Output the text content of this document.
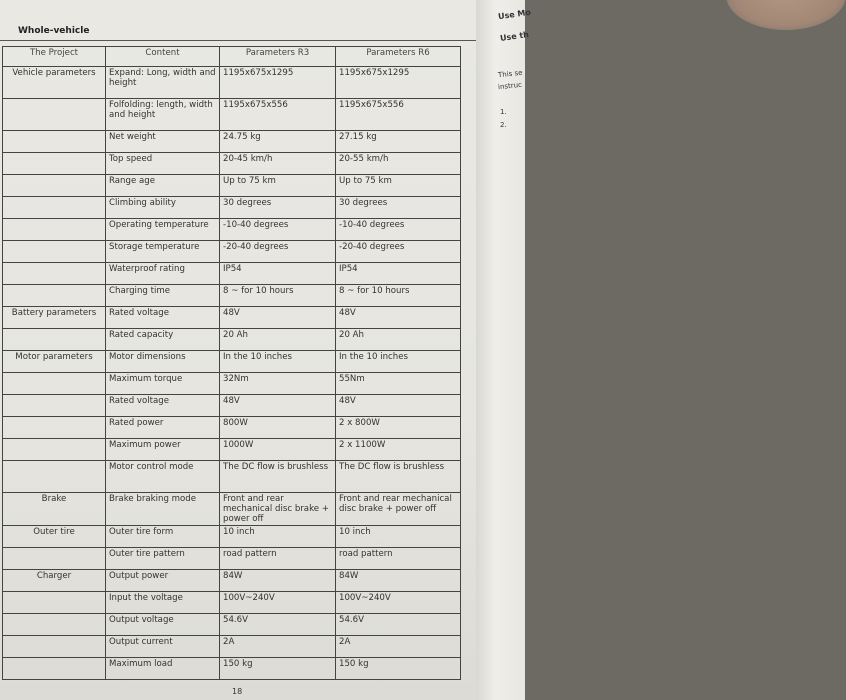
Whole-vehicle
The Project	Content	Parameters R3	Parameters R6
Vehicle parameters	Expand: Long, width and height	1195x675x1295	1195x675x1295
	Folfolding: length, width and height	1195x675x556	1195x675x556
	Net weight	24.75 kg	27.15 kg
	Top speed	20-45 km/h	20-55 km/h
	Range age	Up to 75 km	Up to 75 km
	Climbing ability	30 degrees	30 degrees
	Operating temperature	-10-40 degrees	-10-40 degrees
	Storage temperature	-20-40 degrees	-20-40 degrees
	Waterproof rating	IP54	IP54
	Charging time	8 ~ for 10 hours	8 ~ for 10 hours
Battery parameters	Rated voltage	48V	48V
	Rated capacity	20 Ah	20 Ah
Motor parameters	Motor dimensions	In the 10 inches	In the 10 inches
	Maximum torque	32Nm	55Nm
	Rated voltage	48V	48V
	Rated power	800W	2 x 800W
	Maximum power	1000W	2 x 1100W
	Motor control mode	The DC flow is brushless	The DC flow is brushless
Brake	Brake braking mode	Front and rear mechanical disc brake + power off	Front and rear mechanical disc brake + power off
Outer tire	Outer tire form	10 inch	10 inch
	Outer tire pattern	road pattern	road pattern
Charger	Output power	84W	84W
	Input the voltage	100V~240V	100V~240V
	Output voltage	54.6V	54.6V
	Output current	2A	2A
	Maximum load	150 kg	150 kg
18
Use Mo
Use th
This se
instruc
1.
2.
